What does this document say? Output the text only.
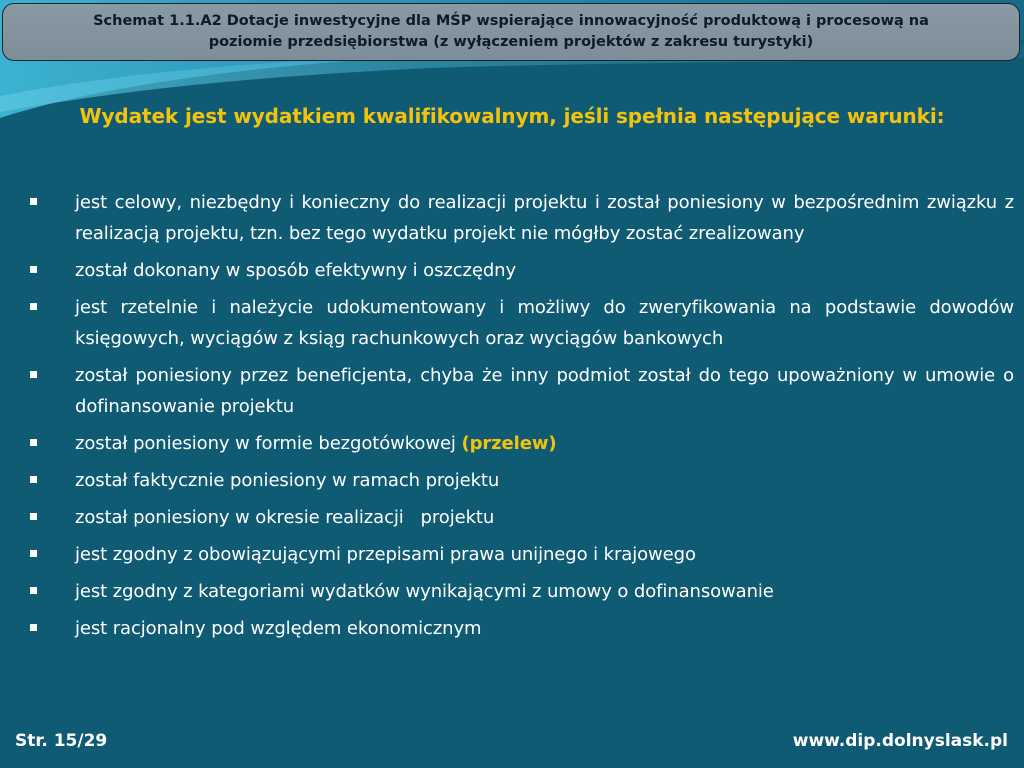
Schemat 1.1.A2 Dotacje inwestycyjne dla MŚP wspierające innowacyjność produktową i procesową na poziomie przedsiębiorstwa (z wyłączeniem projektów z zakresu turystyki)
Wydatek jest wydatkiem kwalifikowalnym, jeśli spełnia następujące warunki:
jest celowy, niezbędny i konieczny do realizacji projektu i został poniesiony w bezpośrednim związku z realizacją projektu, tzn. bez tego wydatku projekt nie mógłby zostać zrealizowany
został dokonany w sposób efektywny i oszczędny
jest rzetelnie i należycie udokumentowany i możliwy do zweryfikowania na podstawie dowodów księgowych, wyciągów z ksiąg rachunkowych oraz wyciągów bankowych
został poniesiony przez beneficjenta, chyba że inny podmiot został do tego upoważniony w umowie o dofinansowanie projektu
został poniesiony w formie bezgotówkowej (przelew)
został faktycznie poniesiony w ramach projektu
został poniesiony w okresie realizacji   projektu
jest zgodny z obowiązującymi przepisami prawa unijnego i krajowego
jest zgodny z kategoriami wydatków wynikającymi z umowy o dofinansowanie
jest racjonalny pod względem ekonomicznym
Str. 15/29	www.dip.dolnyslask.pl
